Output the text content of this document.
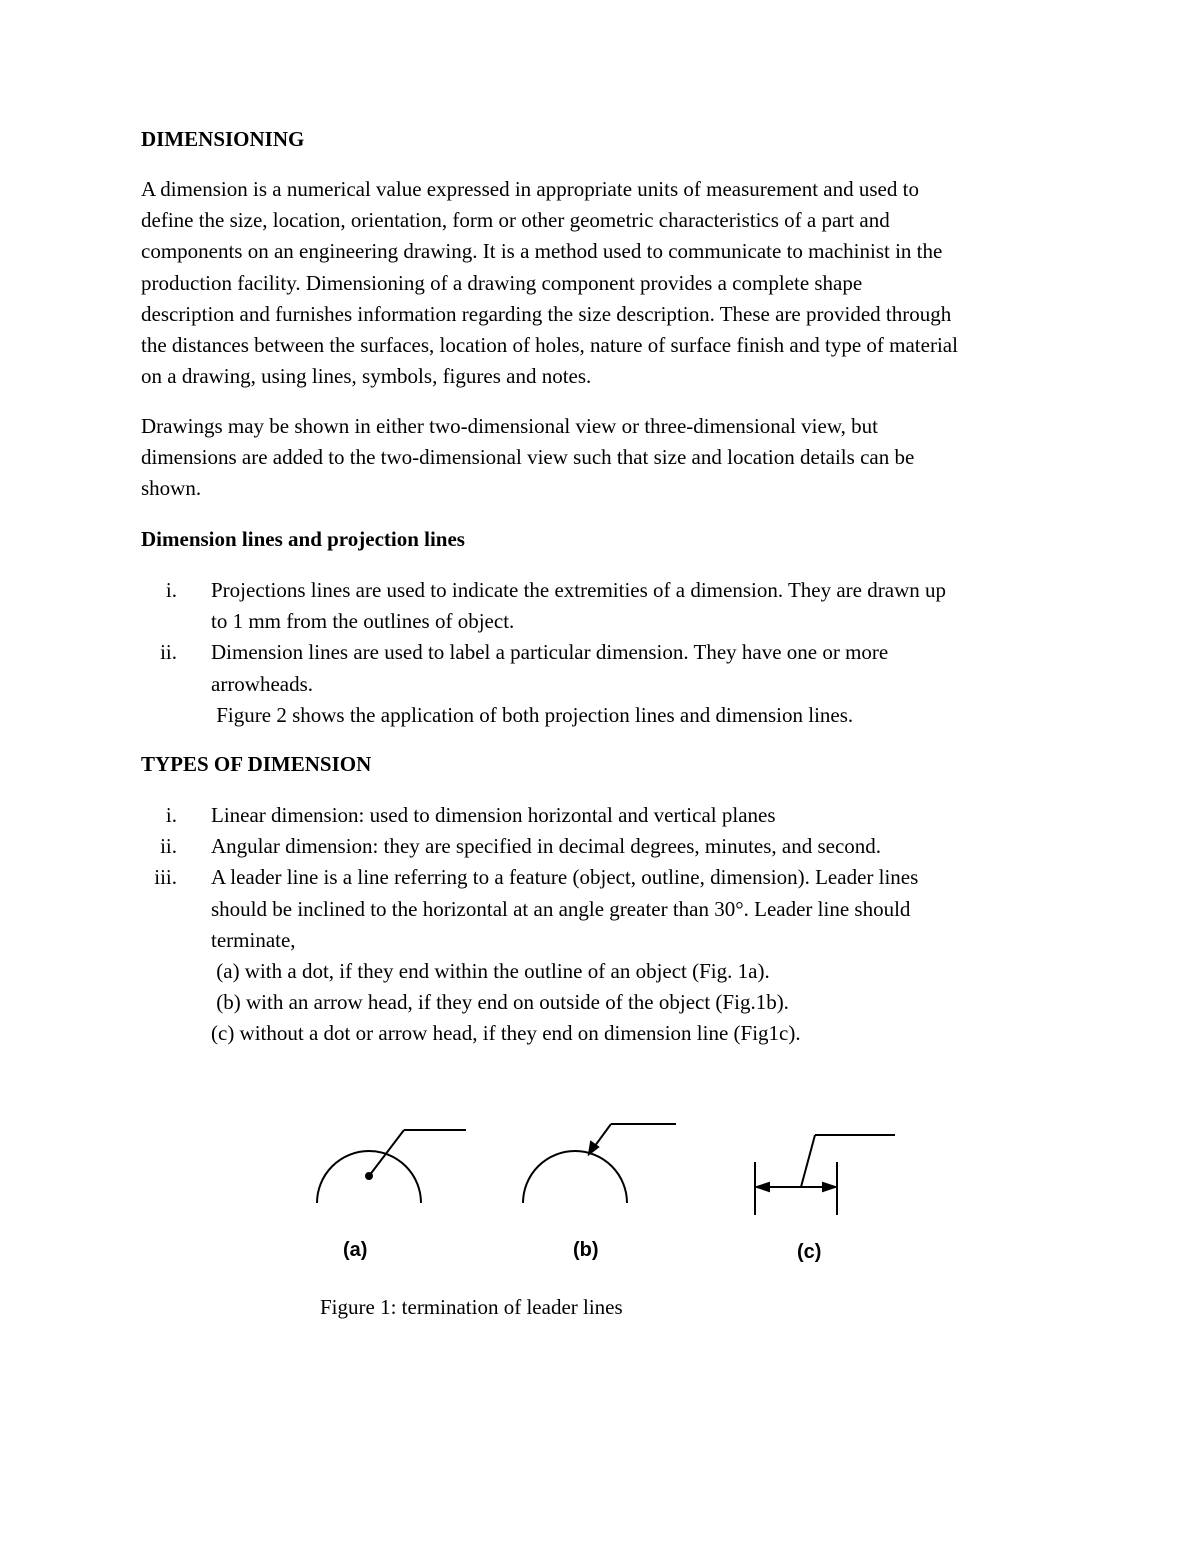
DIMENSIONING

A dimension is a numerical value expressed in appropriate units of measurement and used to
define the size, location, orientation, form or other geometric characteristics of a part and
components on an engineering drawing. It is a method used to communicate to machinist in the
production facility. Dimensioning of a drawing component provides a complete shape
description and furnishes information regarding the size description. These are provided through
the distances between the surfaces, location of holes, nature of surface finish and type of material
on a drawing, using lines, symbols, figures and notes.

Drawings may be shown in either two-dimensional view or three-dimensional view, but
dimensions are added to the two-dimensional view such that size and location details can be
shown.

Dimension lines and projection lines
i. Projections lines are used to indicate the extremities of a dimension. They are drawn up
to 1 mm from the outlines of object.
ii. Dimension lines are used to label a particular dimension. They have one or more
arrowheads.
Figure 2 shows the application of both projection lines and dimension lines.
TYPES OF DIMENSION
i. Linear dimension: used to dimension horizontal and vertical planes
ii. Angular dimension: they are specified in decimal degrees, minutes, and second.
iii. A leader line is a line referring to a feature (object, outline, dimension). Leader lines
should be inclined to the horizontal at an angle greater than 30°. Leader line should
terminate,
(a) with a dot, if they end within the outline of an object (Fig. 1a).
(b) with an arrow head, if they end on outside of the object (Fig.1b).
(c) without a dot or arrow head, if they end on dimension line (Fig1c).
(a)	(b)	(c)

Figure 1: termination of leader lines
